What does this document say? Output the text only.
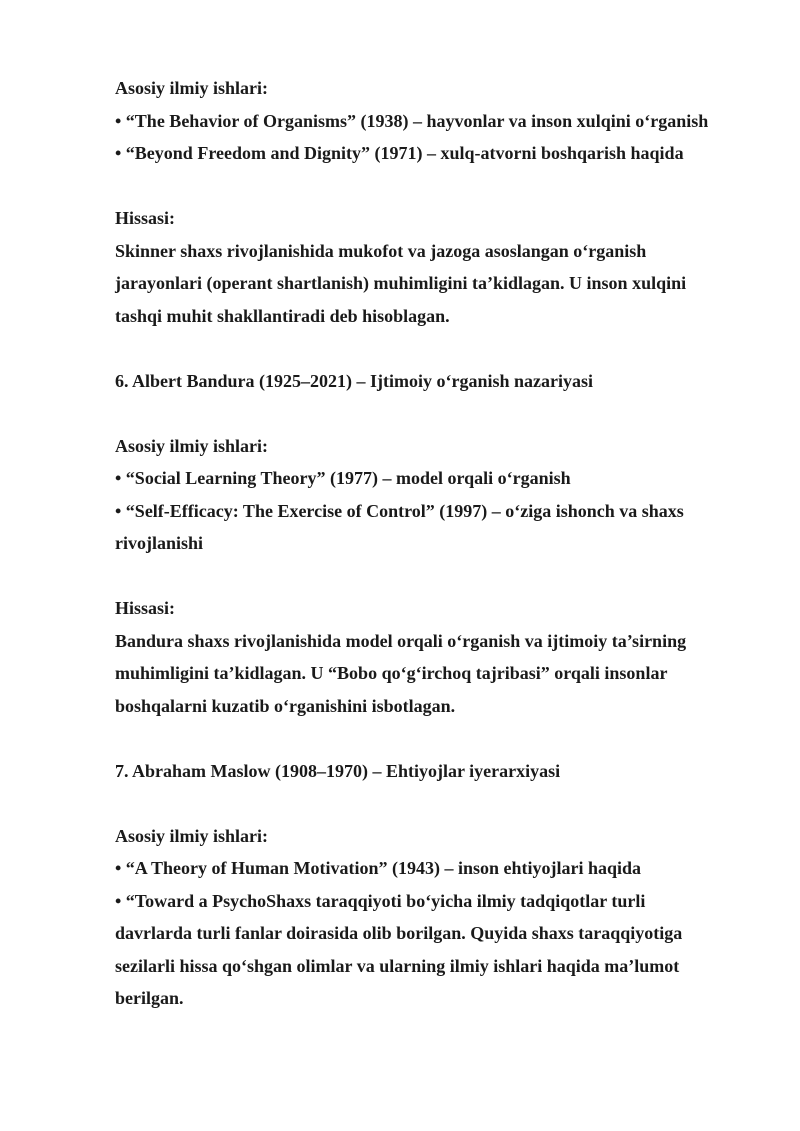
Asosiy ilmiy ishlari:
• “The Behavior of Organisms” (1938) – hayvonlar va inson xulqini o‘rganish
• “Beyond Freedom and Dignity” (1971) – xulq-atvorni boshqarish haqida
Hissasi:
Skinner shaxs rivojlanishida mukofot va jazoga asoslangan o‘rganish
jarayonlari (operant shartlanish) muhimligini ta’kidlagan. U inson xulqini
tashqi muhit shakllantiradi deb hisoblagan.
6. Albert Bandura (1925–2021) – Ijtimoiy o‘rganish nazariyasi
Asosiy ilmiy ishlari:
• “Social Learning Theory” (1977) – model orqali o‘rganish
• “Self-Efficacy: The Exercise of Control” (1997) – o‘ziga ishonch va shaxs
rivojlanishi
Hissasi:
Bandura shaxs rivojlanishida model orqali o‘rganish va ijtimoiy ta’sirning
muhimligini ta’kidlagan. U “Bobo qo‘g‘irchoq tajribasi” orqali insonlar
boshqalarni kuzatib o‘rganishini isbotlagan.
7. Abraham Maslow (1908–1970) – Ehtiyojlar iyerarxiyasi
Asosiy ilmiy ishlari:
• “A Theory of Human Motivation” (1943) – inson ehtiyojlari haqida
• “Toward a PsychoShaxs taraqqiyoti bo‘yicha ilmiy tadqiqotlar turli
davrlarda turli fanlar doirasida olib borilgan. Quyida shaxs taraqqiyotiga
sezilarli hissa qo‘shgan olimlar va ularning ilmiy ishlari haqida ma’lumot
berilgan.
